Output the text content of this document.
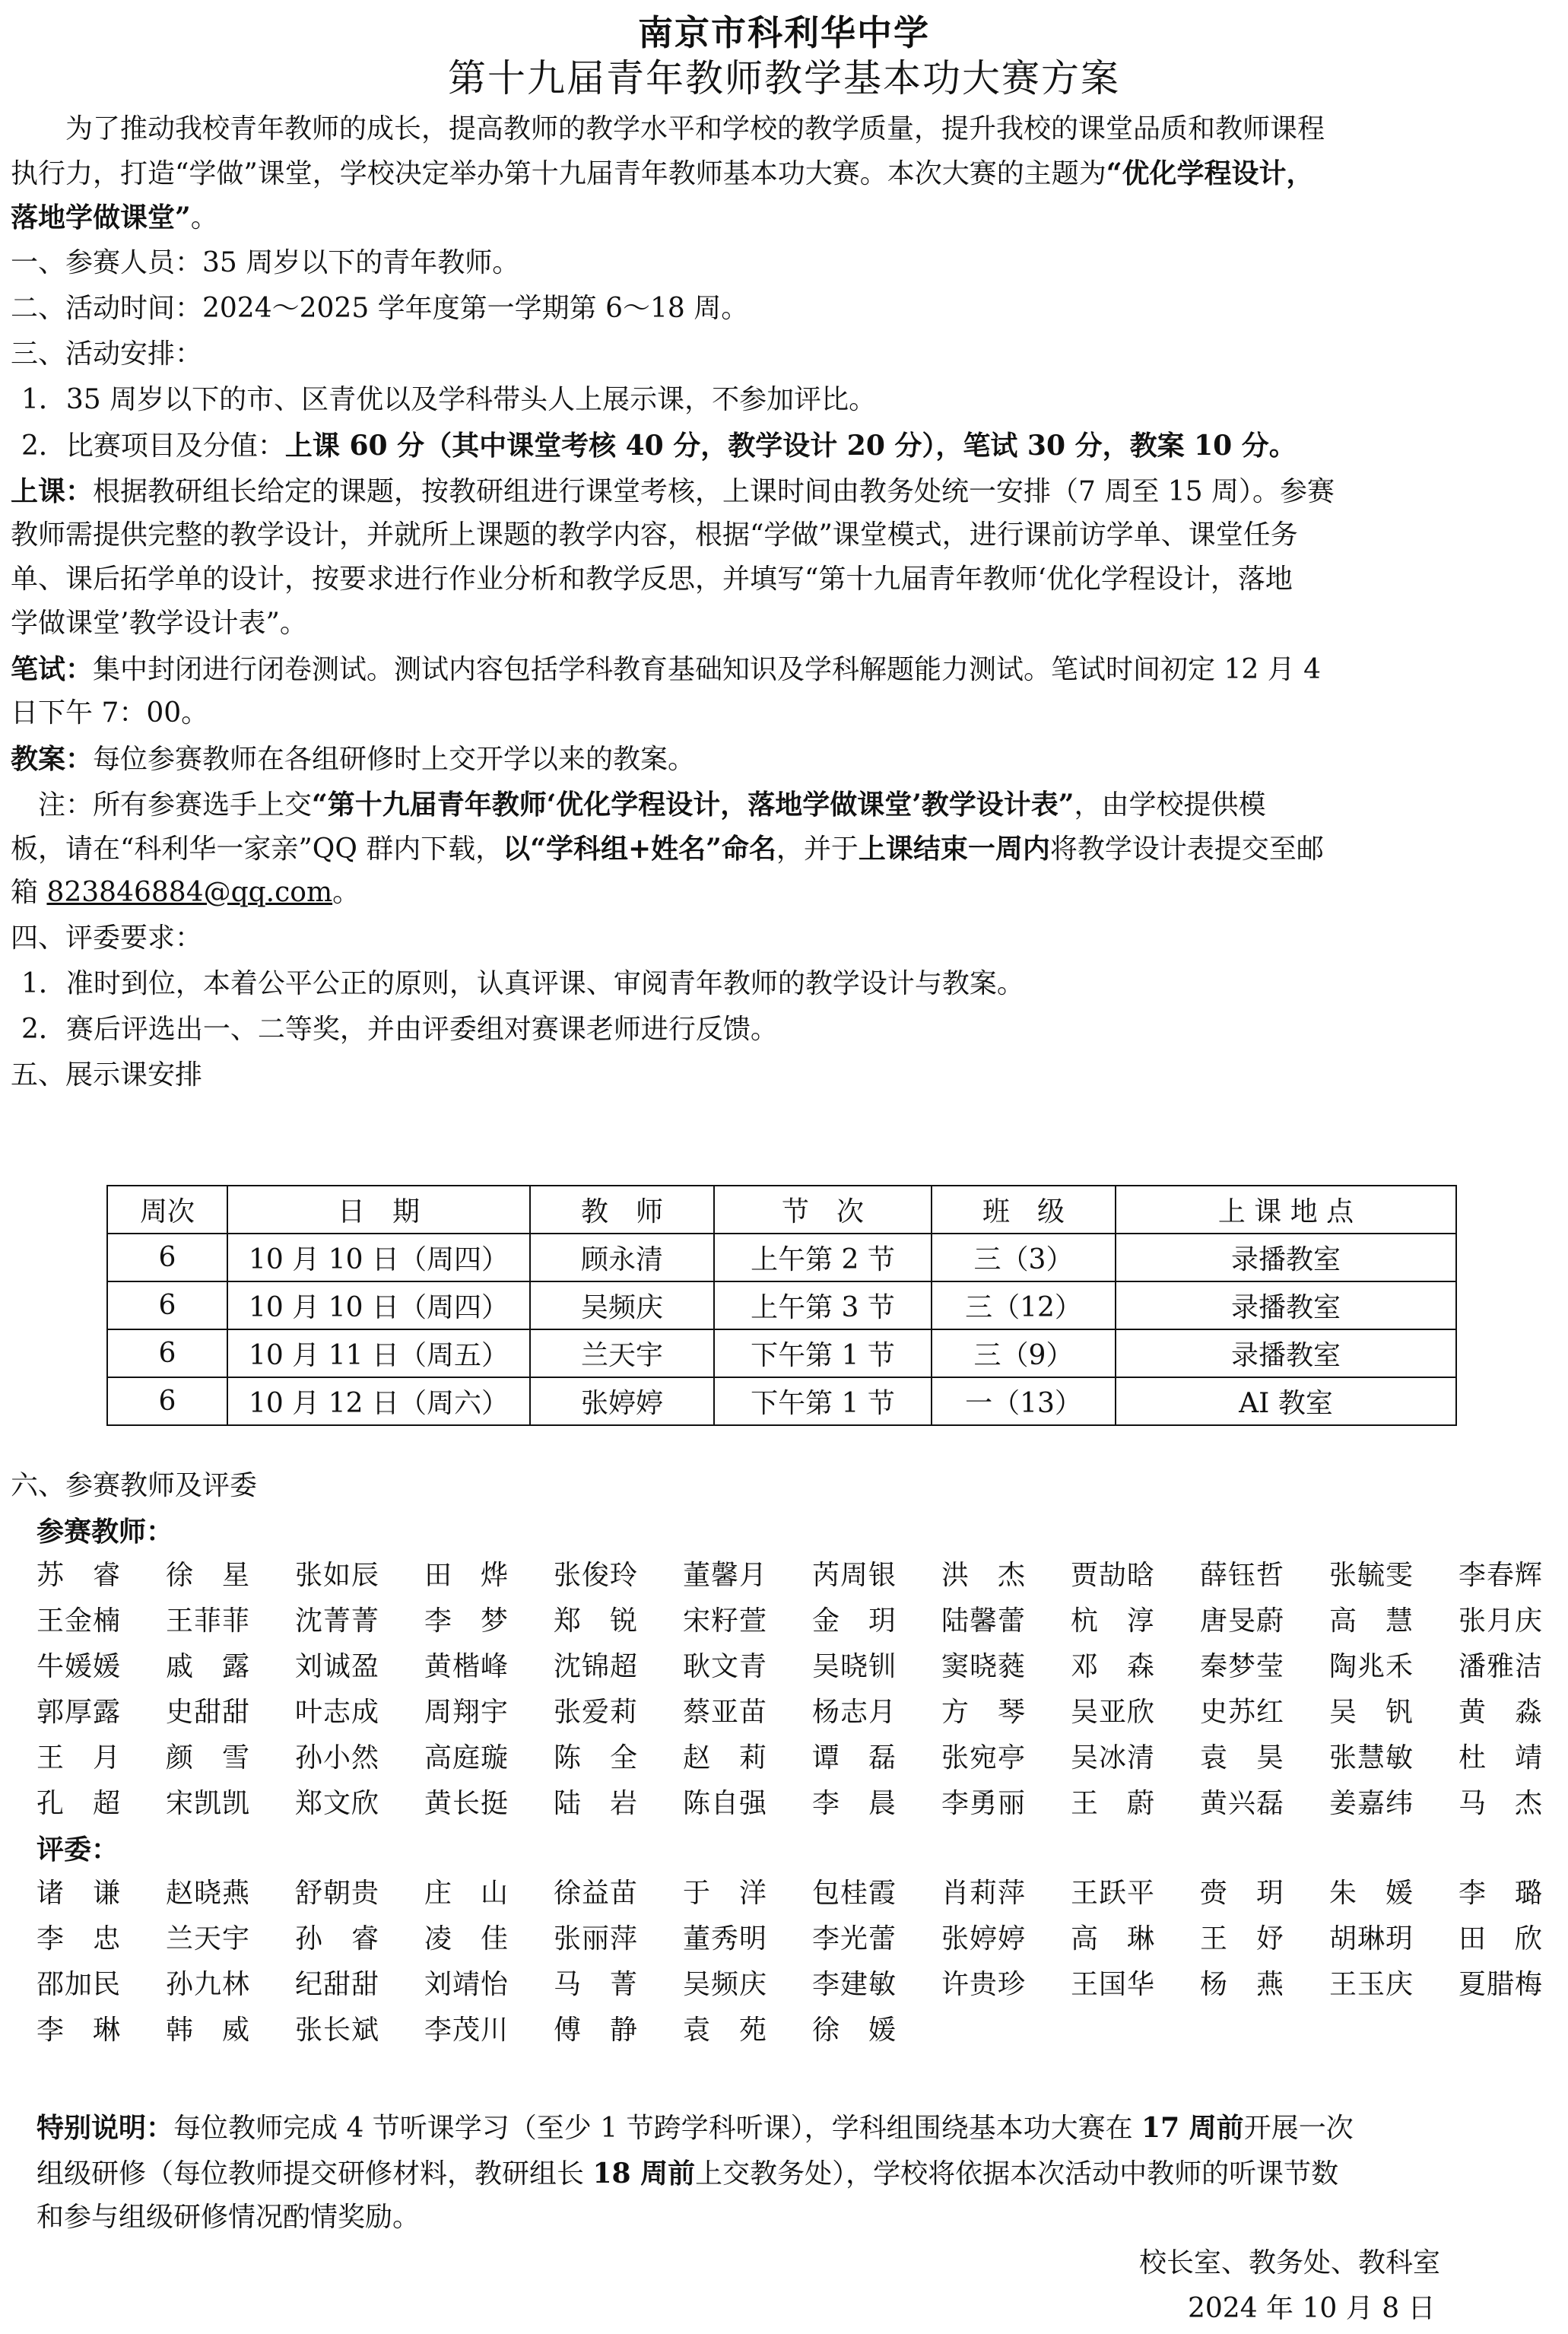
南京市科利华中学
第十九届青年教师教学基本功大赛方案
　　为了推动我校青年教师的成长，提高教师的教学水平和学校的教学质量，提升我校的课堂品质和教师课程
执行力，打造“学做”课堂，学校决定举办第十九届青年教师基本功大赛。本次大赛的主题为“优化学程设计，
落地学做课堂”。
一、参赛人员：35 周岁以下的青年教师。
二、活动时间：2024～2025 学年度第一学期第 6～18 周。
三、活动安排：
1．35 周岁以下的市、区青优以及学科带头人上展示课，不参加评比。
2．比赛项目及分值：上课 60 分（其中课堂考核 40 分，教学设计 20 分），笔试 30 分，教案 10 分。
上课：根据教研组长给定的课题，按教研组进行课堂考核，上课时间由教务处统一安排（7 周至 15 周）。参赛
教师需提供完整的教学设计，并就所上课题的教学内容，根据“学做”课堂模式，进行课前访学单、课堂任务
单、课后拓学单的设计，按要求进行作业分析和教学反思，并填写“第十九届青年教师‘优化学程设计，落地
学做课堂’教学设计表”。
笔试：集中封闭进行闭卷测试。测试内容包括学科教育基础知识及学科解题能力测试。笔试时间初定 12 月 4
日下午 7：00。
教案：每位参赛教师在各组研修时上交开学以来的教案。
　注：所有参赛选手上交“第十九届青年教师‘优化学程设计，落地学做课堂’教学设计表”，由学校提供模
板，请在“科利华一家亲”QQ 群内下载，以“学科组+姓名”命名，并于上课结束一周内将教学设计表提交至邮
箱 823846884@qq.com。
四、评委要求：
1．准时到位，本着公平公正的原则，认真评课、审阅青年教师的教学设计与教案。
2．赛后评选出一、二等奖，并由评委组对赛课老师进行反馈。
五、展示课安排
周次	日　期	教　师	节　次	班　级	上 课 地 点
6	10 月 10 日（周四）	顾永清	上午第 2 节	三（3）	录播教室
6	10 月 10 日（周四）	吴频庆	上午第 3 节	三（12）	录播教室
6	10 月 11 日（周五）	兰天宇	下午第 1 节	三（9）	录播教室
6	10 月 12 日（周六）	张婷婷	下午第 1 节	一（13）	AI 教室
六、参赛教师及评委
参赛教师：
苏　睿	徐　星	张如辰	田　烨	张俊玲	董馨月	芮周银	洪　杰	贾劼晗	薛钰哲	张毓雯	李春辉
王金楠	王菲菲	沈菁菁	李　梦	郑　锐	宋籽萱	金　玥	陆馨蕾	杭　淳	唐旻蔚	高　慧	张月庆
牛媛媛	戚　露	刘诚盈	黄楷峰	沈锦超	耿文青	吴晓钏	窦晓蕤	邓　森	秦梦莹	陶兆禾	潘雅洁
郭厚露	史甜甜	叶志成	周翔宇	张爱莉	蔡亚苗	杨志月	方　琴	吴亚欣	史苏红	吴　钒	黄　淼
王　月	颜　雪	孙小然	高庭璇	陈　全	赵　莉	谭　磊	张宛亭	吴冰清	袁　昊	张慧敏	杜　靖
孔　超	宋凯凯	郑文欣	黄长挺	陆　岩	陈自强	李　晨	李勇丽	王　蔚	黄兴磊	姜嘉纬	马　杰
评委：
诸　谦	赵晓燕	舒朝贵	庄　山	徐益苗	于　洋	包桂霞	肖莉萍	王跃平	赍　玥	朱　媛	李　璐
李　忠	兰天宇	孙　睿	凌　佳	张丽萍	董秀明	李光蕾	张婷婷	高　琳	王　妤	胡琳玥	田　欣
邵加民	孙九林	纪甜甜	刘靖怡	马　菁	吴频庆	李建敏	许贵珍	王国华	杨　燕	王玉庆	夏腊梅
李　琳	韩　威	张长斌	李茂川	傅　静	袁　苑	徐　媛
特别说明：每位教师完成 4 节听课学习（至少 1 节跨学科听课），学科组围绕基本功大赛在 17 周前开展一次
组级研修（每位教师提交研修材料，教研组长 18 周前上交教务处），学校将依据本次活动中教师的听课节数
和参与组级研修情况酌情奖励。
校长室、教务处、教科室
2024 年 10 月 8 日
